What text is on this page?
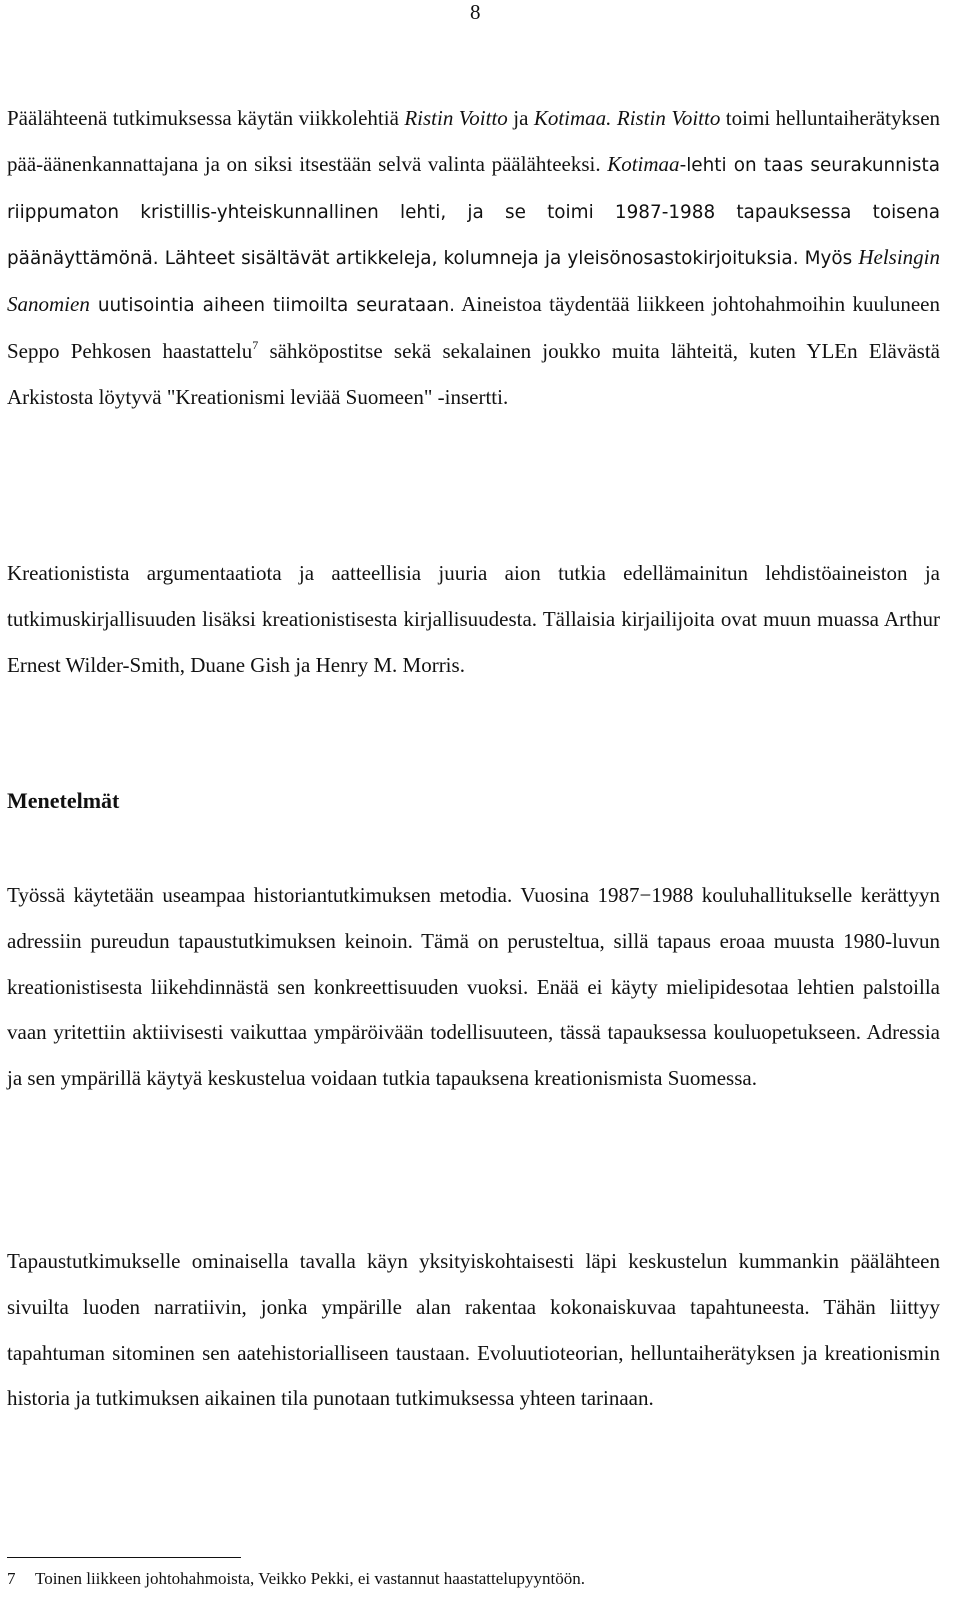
8

Päälähteenä tutkimuksessa käytän viikkolehtiä Ristin Voitto ja Kotimaa. Ristin Voitto toimi helluntaiherätyksen pää-äänenkannattajana ja on siksi itsestään selvä valinta päälähteeksi. Kotimaa-lehti on taas seurakunnista riippumaton kristillis-yhteiskunnallinen lehti, ja se toimi 1987-1988 tapauksessa toisena päänäyttämönä. Lähteet sisältävät artikkeleja, kolumneja ja yleisönosastokirjoituksia. Myös Helsingin Sanomien uutisointia aiheen tiimoilta seurataan. Aineistoa täydentää liikkeen johtohahmoihin kuuluneen Seppo Pehkosen haastattelu$^7$ sähköpostitse sekä sekalainen joukko muita lähteitä, kuten YLEn Elävästä Arkistosta löytyvä "Kreationismi leviää Suomeen" -insertti.

Kreationistista argumentaatiota ja aatteellisia juuria aion tutkia edellämainitun lehdistöaineiston ja tutkimuskirjallisuuden lisäksi kreationistisesta kirjallisuudesta. Tällaisia kirjailijoita ovat muun muassa Arthur Ernest Wilder-Smith, Duane Gish ja Henry M. Morris.

Menetelmät

Työssä käytetään useampaa historiantutkimuksen metodia. Vuosina 1987−1988 kouluhallitukselle kerättyyn adressiin pureudun tapaustutkimuksen keinoin. Tämä on perusteltua, sillä tapaus eroaa muusta 1980-luvun kreationistisesta liikehdinnästä sen konkreettisuuden vuoksi. Enää ei käyty mielipidesotaa lehtien palstoilla vaan yritettiin aktiivisesti vaikuttaa ympäröivään todellisuuteen, tässä tapauksessa kouluopetukseen. Adressia ja sen ympärillä käytyä keskustelua voidaan tutkia tapauksena kreationismista Suomessa.

Tapaustutkimukselle ominaisella tavalla käyn yksityiskohtaisesti läpi keskustelun kummankin päälähteen sivuilta luoden narratiivin, jonka ympärille alan rakentaa kokonaiskuvaa tapahtuneesta. Tähän liittyy tapahtuman sitominen sen aatehistorialliseen taustaan. Evoluutioteorian, helluntaiherätyksen ja kreationismin historia ja tutkimuksen aikainen tila punotaan tutkimuksessa yhteen tarinaan.

7 Toinen liikkeen johtohahmoista, Veikko Pekki, ei vastannut haastattelupyyntöön.
